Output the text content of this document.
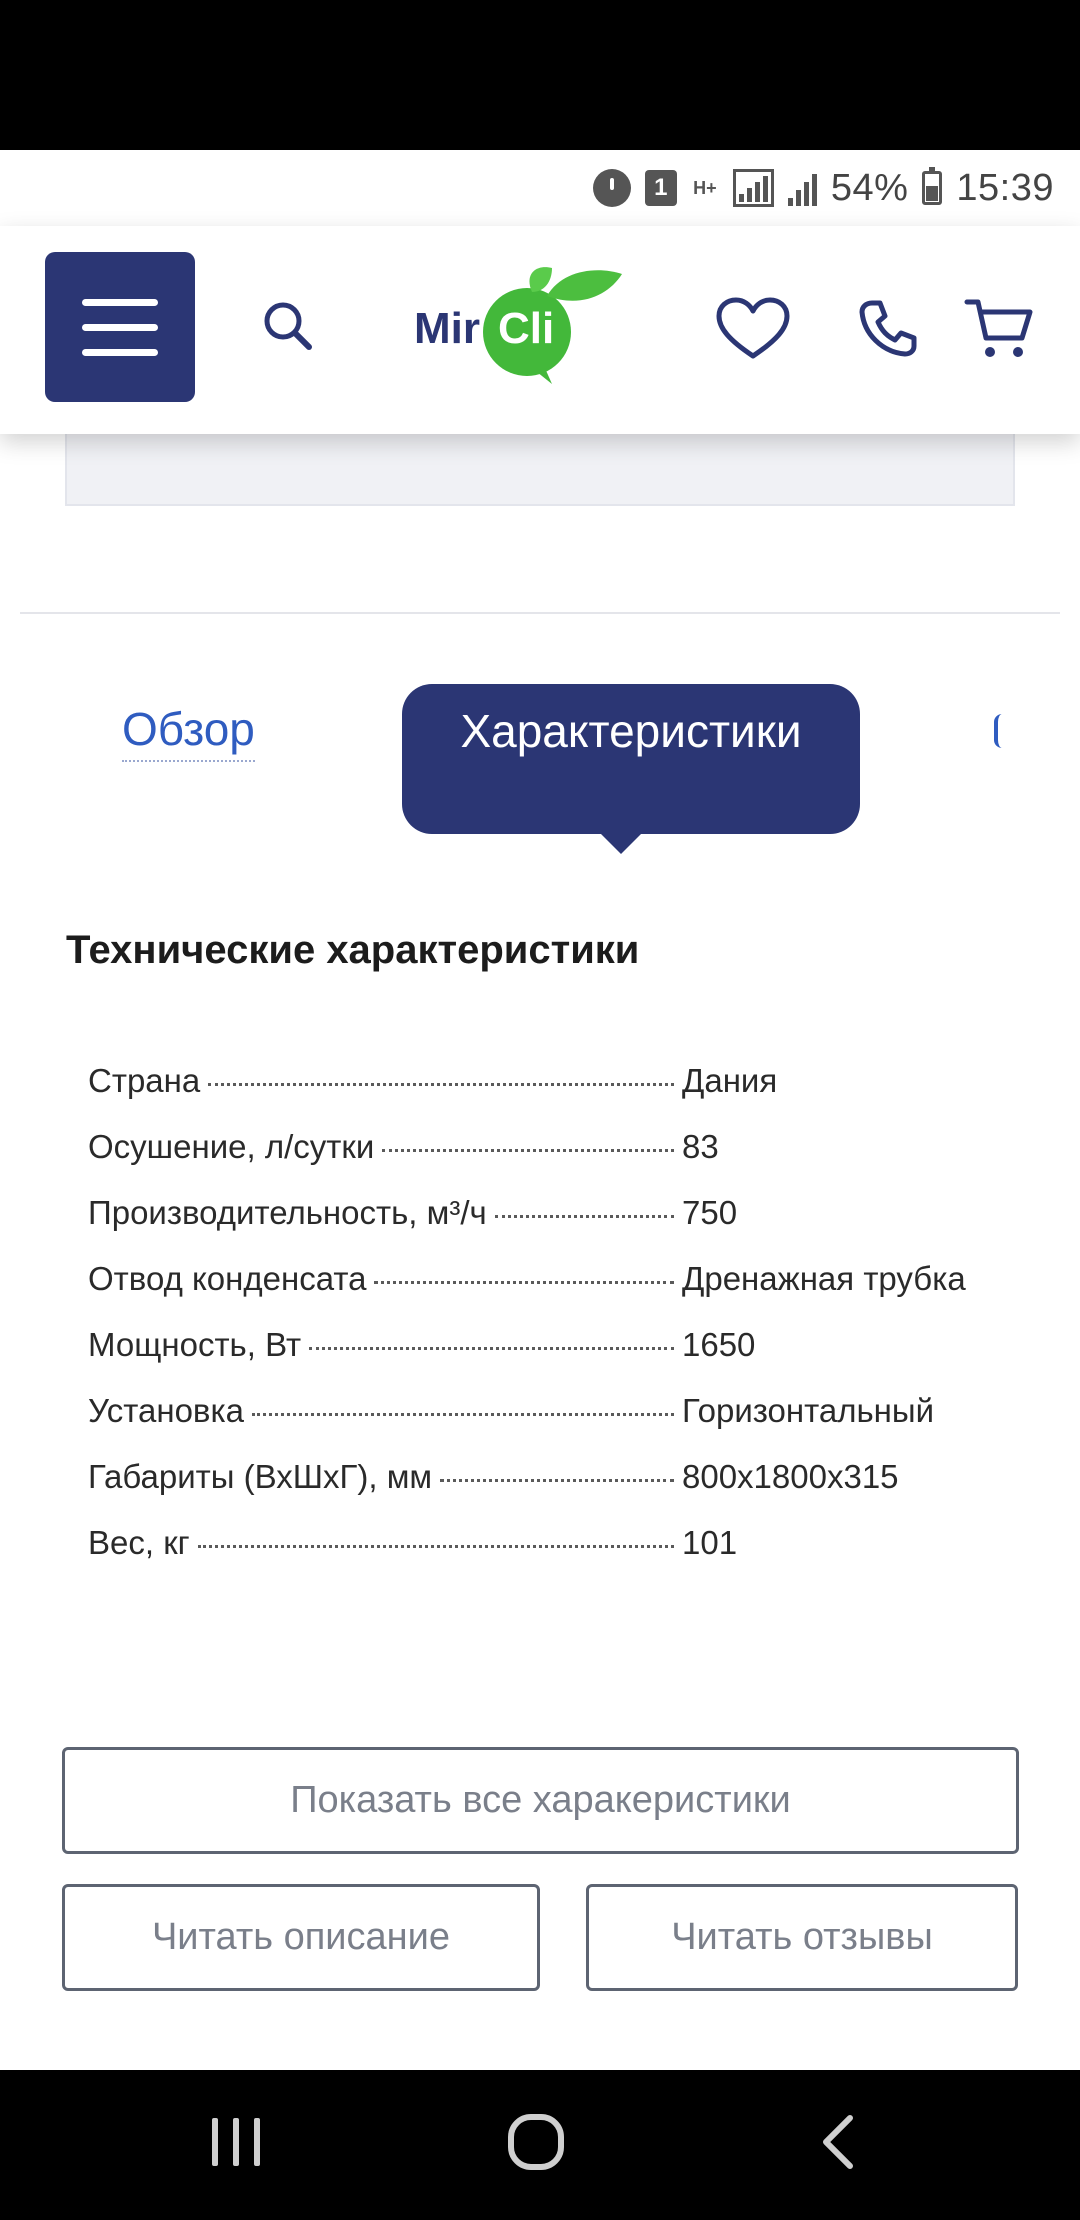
1	H+	54% 15:39
Mir Cli
Обзор	Характеристики
Технические характеристики
Страна	Дания
Осушение, л/сутки	83
Производительность, м³/ч	750
Отвод конденсата	Дренажная трубка
Мощность, Вт	1650
Установка	Горизонтальный
Габариты (ВхШхГ), мм	800x1800x315
Вес, кг	101
Показать все харакеристики
Читать описание	Читать отзывы
